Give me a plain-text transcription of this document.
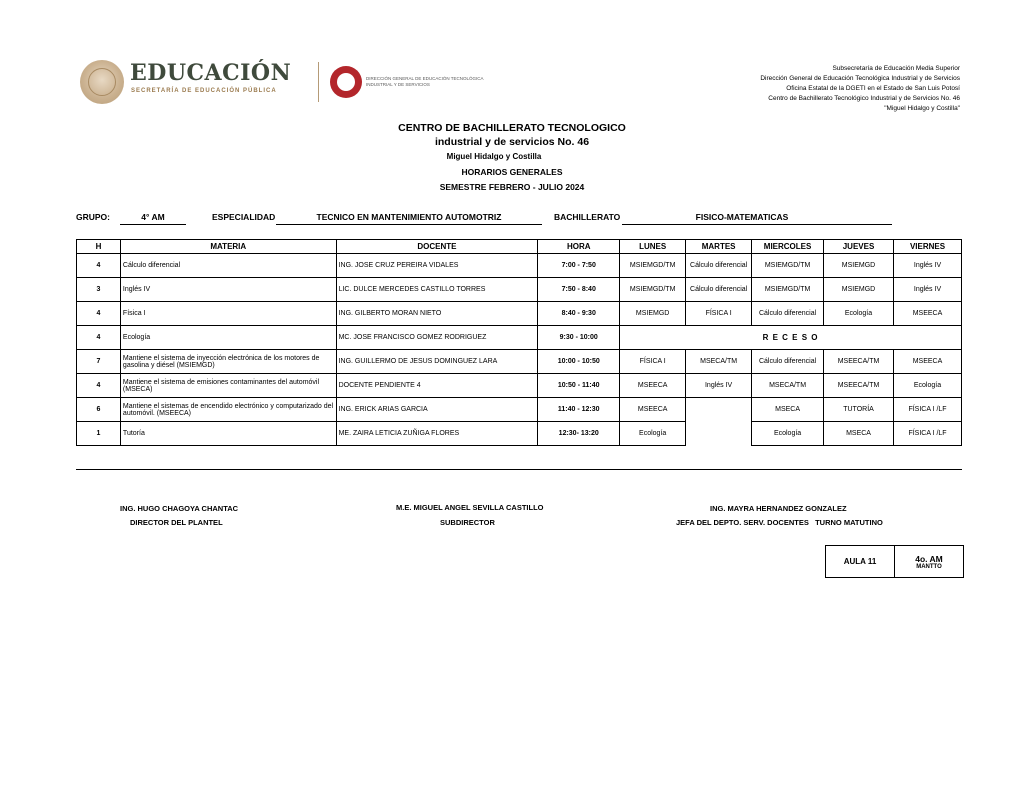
EDUCACIÓN
SECRETARÍA DE EDUCACIÓN PÚBLICA
DIRECCIÓN GENERAL DE EDUCACIÓN TECNOLÓGICA INDUSTRIAL Y DE SERVICIOS
Subsecretaría de Educación Media Superior
Dirección General de Educación Tecnológica Industrial y de Servicios
Oficina Estatal de la DGETI en el Estado de San Luis Potosí
Centro de Bachillerato Tecnológico Industrial y de Servicios No. 46
"Miguel Hidalgo y Costilla"
CENTRO DE BACHILLERATO TECNOLOGICO
industrial y de servicios No. 46
Miguel Hidalgo y Costilla
HORARIOS GENERALES
SEMESTRE FEBRERO - JULIO 2024
GRUPO:	4° AM	ESPECIALIDAD	TECNICO EN MANTENIMIENTO AUTOMOTRIZ	BACHILLERATO	FISICO-MATEMATICAS
H	MATERIA	DOCENTE	HORA	LUNES	MARTES	MIERCOLES	JUEVES	VIERNES
4	Cálculo diferencial	ING. JOSE CRUZ PEREIRA VIDALES	7:00 - 7:50	MSIEMGD/TM	Cálculo diferencial	MSIEMGD/TM	MSIEMGD	Inglés IV
3	Inglés IV	LIC. DULCE MERCEDES CASTILLO TORRES	7:50 - 8:40	MSIEMGD/TM	Cálculo diferencial	MSIEMGD/TM	MSIEMGD	Inglés IV
4	Física I	ING. GILBERTO MORAN NIETO	8:40 - 9:30	MSIEMGD	FÍSICA I	Cálculo diferencial	Ecología	MSEECA
4	Ecología	MC. JOSE FRANCISCO GOMEZ RODRIGUEZ	9:30 - 10:00	R E C E S O				
7	Mantiene el sistema de inyección electrónica de los motores de gasolina y diésel (MSIEMGD)	ING. GUILLERMO DE JESUS DOMINGUEZ LARA	10:00 - 10:50	FÍSICA I	MSECA/TM	Cálculo diferencial	MSEECA/TM	MSEECA
4	Mantiene el sistema de emisiones contaminantes del automóvil (MSECA)	DOCENTE PENDIENTE 4	10:50 - 11:40	MSEECA	Inglés IV	MSECA/TM	MSEECA/TM	Ecología
6	Mantiene el sistemas de encendido electrónico y computarizado del automóvil. (MSEECA)	ING. ERICK ARIAS GARCIA	11:40 - 12:30	MSEECA		MSECA	TUTORÍA	FÍSICA I /LF
1	Tutoría	ME. ZAIRA LETICIA ZUÑIGA FLORES	12:30- 13:20	Ecología		Ecología	MSECA	FÍSICA I /LF
ING. HUGO CHAGOYA CHANTAC
DIRECTOR DEL PLANTEL
M.E. MIGUEL ANGEL SEVILLA CASTILLO
SUBDIRECTOR
ING. MAYRA HERNANDEZ GONZALEZ
JEFA DEL DEPTO. SERV. DOCENTES   TURNO MATUTINO
AULA 11	4o. AM
MANTTO
